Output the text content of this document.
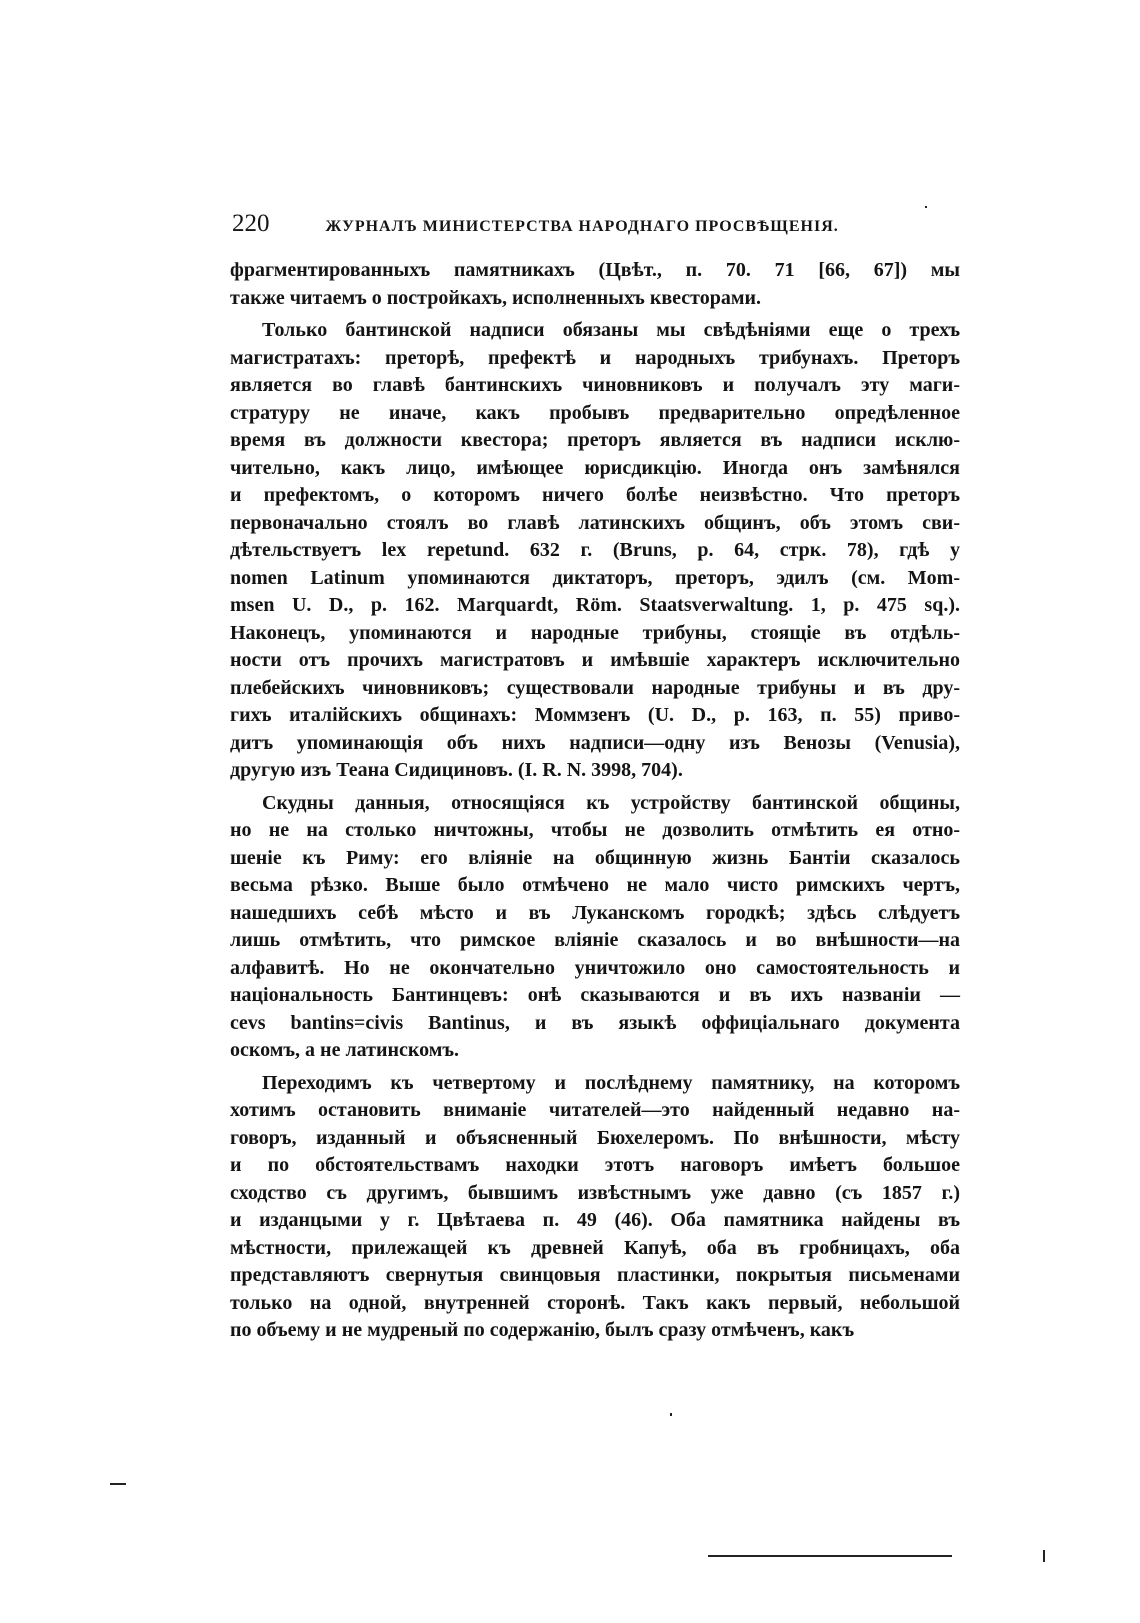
220	ЖУРНАЛЪ МИНИСТЕРСТВА НАРОДНАГО ПРОСВѢЩЕНІЯ.
фрагментированныхъ памятникахъ (Цвѣт., п. 70. 71 [66, 67]) мы
также читаемъ о постройкахъ, исполненныхъ квесторами.
Только бантинской надписи обязаны мы свѣдѣніями еще о трехъ
магистратахъ: преторѣ, префектѣ и народныхъ трибунахъ. Преторъ
является во главѣ бантинскихъ чиновниковъ и получалъ эту маги-
стратуру не иначе, какъ пробывъ предварительно опредѣленное
время въ должности квестора; преторъ является въ надписи исклю-
чительно, какъ лицо, имѣющее юрисдикцію. Иногда онъ замѣнялся
и префектомъ, о которомъ ничего болѣе неизвѣстно. Что преторъ
первоначально стоялъ во главѣ латинскихъ общинъ, объ этомъ сви-
дѣтельствуетъ lex repetund. 632 г. (Bruns, p. 64, стрк. 78), гдѣ у
nomen Latinum упоминаются диктаторъ, преторъ, эдилъ (см. Mom-
msen U. D., p. 162. Marquardt, Röm. Staatsverwaltung. 1, p. 475 sq.).
Наконецъ, упоминаются и народные трибуны, стоящіе въ отдѣль-
ности отъ прочихъ магистратовъ и имѣвшіе характеръ исключительно
плебейскихъ чиновниковъ; существовали народные трибуны и въ дру-
гихъ италійскихъ общинахъ: Моммзенъ (U. D., p. 163, п. 55) приво-
дитъ упоминающія объ нихъ надписи—одну изъ Венозы (Venusia),
другую изъ Теана Сидициновъ. (I. R. N. 3998, 704).
Скудны данныя, относящіяся къ устройству бантинской общины,
но не на столько ничтожны, чтобы не дозволить отмѣтить ея отно-
шеніе къ Риму: его вліяніе на общинную жизнь Бантіи сказалось
весьма рѣзко. Выше было отмѣчено не мало чисто римскихъ чертъ,
нашедшихъ себѣ мѣсто и въ Луканскомъ городкѣ; здѣсь слѣдуетъ
лишь отмѣтить, что римское вліяніе сказалось и во внѣшности—на
алфавитѣ. Но не окончательно уничтожило оно самостоятельность и
національность Бантинцевъ: онѣ сказываются и въ ихъ названіи —
cevs bantins=civis Bantinus, и въ языкѣ оффиціальнаго документа
оскомъ, а не латинскомъ.
Переходимъ къ четвертому и послѣднему памятнику, на которомъ
хотимъ остановить вниманіе читателей—это найденный недавно на-
говоръ, изданный и объясненный Бюхелеромъ. По внѣшности, мѣсту
и по обстоятельствамъ находки этотъ наговоръ имѣетъ большое
сходство съ другимъ, бывшимъ извѣстнымъ уже давно (съ 1857 г.)
и изданцыми у г. Цвѣтаева п. 49 (46). Оба памятника найдены въ
мѣстности, прилежащей къ древней Капуѣ, оба въ гробницахъ, оба
представляютъ свернутыя свинцовыя пластинки, покрытыя письменами
только на одной, внутренней сторонѣ. Такъ какъ первый, небольшой
по объему и не мудреный по содержанію, былъ сразу отмѣченъ, какъ
